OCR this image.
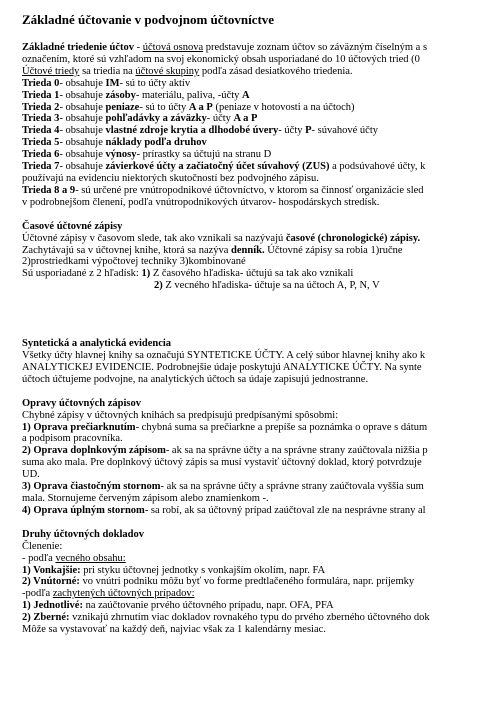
Základné účtovanie v podvojnom účtovníctve
Základné triedenie účtov - účtová osnova predstavuje zoznam účtov so záväzným číselným a s
označením, ktoré sú vzhľadom na svoj ekonomický obsah usporiadané do 10 účtových tried (0
Účtové triedy sa triedia na účtové skupiny podľa zásad desiatkového triedenia.
Trieda 0- obsahuje IM- sú to účty aktív
Trieda 1- obsahuje zásoby- materiálu, paliva, -účty A
Trieda 2- obsahuje peniaze- sú to účty A a P (peniaze v hotovosti a na účtoch)
Trieda 3- obsahuje pohľadávky a záväzky- účty A a P
Trieda 4- obsahuje vlastné zdroje krytia a dlhodobé úvery- účty P- súvahové účty
Trieda 5- obsahuje náklady podľa druhov
Trieda 6- obsahuje výnosy- prírastky sa účtujú na stranu D
Trieda 7- obsahuje závierkové účty a začiatočný účet súvahový (ZUS) a podsúvahové účty, k
používajú na evidenciu niektorých skutočností bez podvojného zápisu.
Trieda 8 a 9- sú určené pre vnútropodnikové účtovníctvo, v ktorom sa činnosť organizácie sled
v podrobnejšom členení, podľa vnútropodnikových útvarov- hospodárskych stredísk.
Časové účtovné zápisy
Účtovné zápisy v časovom slede, tak ako vznikali sa nazývajú časové (chronologické) zápisy.
Zachytávajú sa v účtovnej knihe, ktorá sa nazýva denník. Účtovné zápisy sa robia 1)ručne
2)prostriedkami výpočtovej techniky 3)kombinované
Sú usporiadané z 2 hľadísk: 1) Z časového hľadiska- účtujú sa tak ako vznikali
2) Z vecného hľadiska- účtuje sa na účtoch A, P, N, V
Syntetická a analytická evidencia
Všetky účty hlavnej knihy sa označujú SYNTETICKE ÚČTY. A celý súbor hlavnej knihy ako k
ANALYTICKEJ EVIDENCIE. Podrobnejšie údaje poskytujú ANALYTICKE ÚČTY. Na synte
účtoch účtujeme podvojne, na analytických účtoch sa údaje zapisujú jednostranne.
Opravy účtovných zápisov
Chybné zápisy v účtovných knihách sa predpisujú predpísanými spôsobmi:
1) Oprava prečiarknutím- chybná suma sa prečiarkne a prepíše sa poznámka o oprave s dátum
a podpisom pracovníka.
2) Oprava doplnkovým zápisom- ak sa na správne účty a na správne strany zaúčtovala nižšia p
suma ako mala. Pre doplnkový účtový zápis sa musí vystaviť účtovný doklad, ktorý potvrdzuje
UD.
3) Oprava čiastočným stornom- ak sa na správne účty a správne strany zaúčtovala vyššia sum
mala. Stornujeme červeným zápisom alebo znamienkom -.
4) Oprava úplným stornom- sa robí, ak sa účtovný prípad zaúčtoval zle na nesprávne strany al
Druhy účtovných dokladov
Členenie:
- podľa vecného obsahu:
1) Vonkajšie: pri styku účtovnej jednotky s vonkajším okolím, napr. FA
2) Vnútorné: vo vnútri podniku môžu byť vo forme predtlačeného formulára, napr. príjemky
-podľa zachytených účtovných prípadov:
1) Jednotlivé: na zaúčtovanie prvého účtovného prípadu, napr. OFA, PFA
2) Zberné: vznikajú zhrnutím viac dokladov rovnakého typu do prvého zberného účtovného dok
Môže sa vystavovať na každý deň, najviac však za 1 kalendárny mesiac.
